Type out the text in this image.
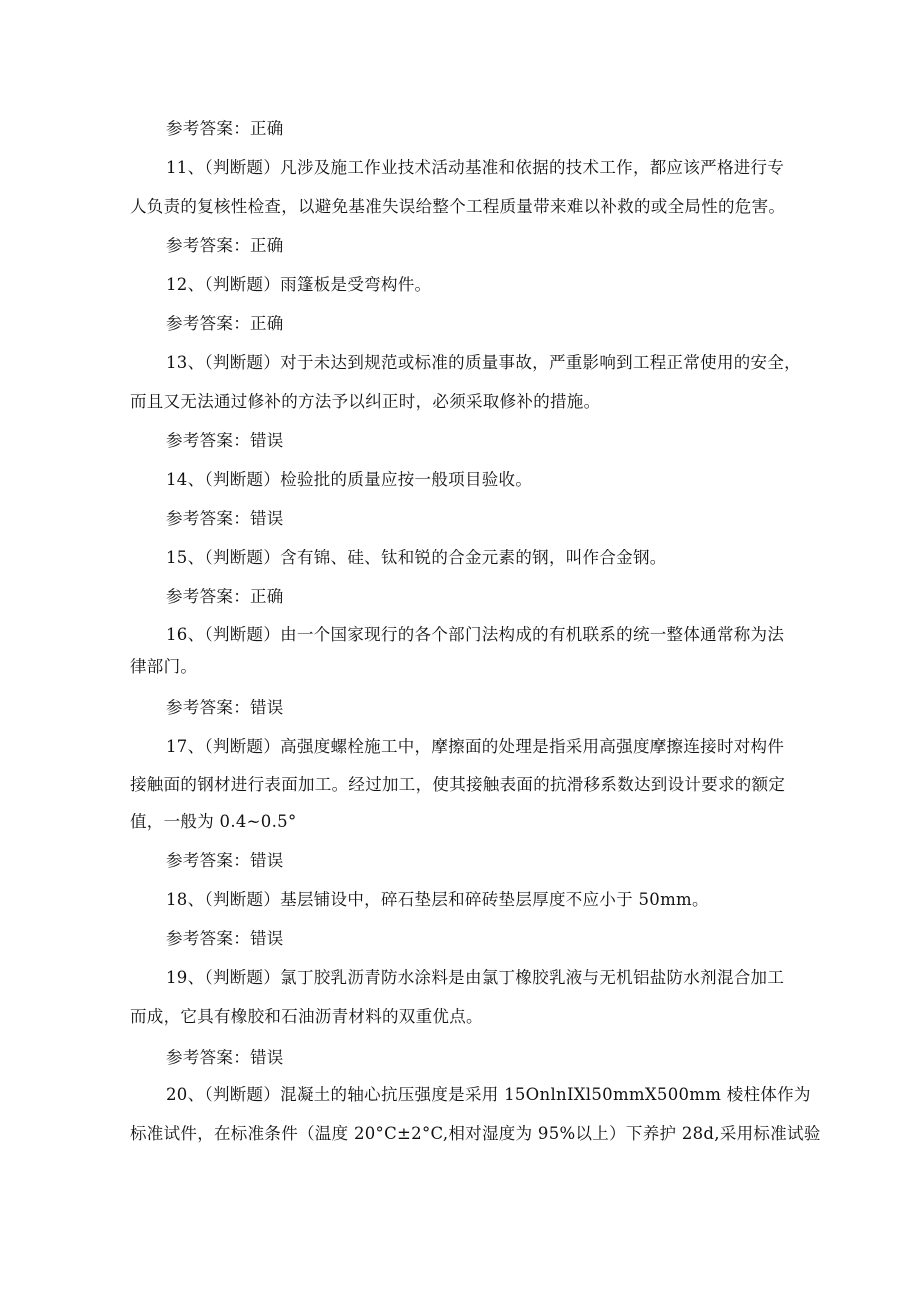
参考答案：正确
11、（判断题）凡涉及施工作业技术活动基准和依据的技术工作，都应该严格进行专
人负责的复核性检查，以避免基准失误给整个工程质量带来难以补救的或全局性的危害。
参考答案：正确
12、（判断题）雨篷板是受弯构件。
参考答案：正确
13、（判断题）对于未达到规范或标准的质量事故，严重影响到工程正常使用的安全，
而且又无法通过修补的方法予以纠正时，必须采取修补的措施。
参考答案：错误
14、（判断题）检验批的质量应按一般项目验收。
参考答案：错误
15、（判断题）含有锦、硅、钛和锐的合金元素的钢，叫作合金钢。
参考答案：正确
16、（判断题）由一个国家现行的各个部门法构成的有机联系的统一整体通常称为法
律部门。
参考答案：错误
17、（判断题）高强度螺栓施工中，摩擦面的处理是指采用高强度摩擦连接时对构件
接触面的钢材进行表面加工。经过加工，使其接触表面的抗滑移系数达到设计要求的额定
值，一般为 0.4~0.5°
参考答案：错误
18、（判断题）基层铺设中，碎石垫层和碎砖垫层厚度不应小于 50mm。
参考答案：错误
19、（判断题）氯丁胶乳沥青防水涂料是由氯丁橡胶乳液与无机铝盐防水剂混合加工
而成，它具有橡胶和石油沥青材料的双重优点。
参考答案：错误
20、（判断题）混凝土的轴心抗压强度是采用 15OnlnIXl50mmX500mm 棱柱体作为
标准试件，在标准条件（温度 20°C±2°C,相对湿度为 95%以上）下养护 28d,采用标准试验
